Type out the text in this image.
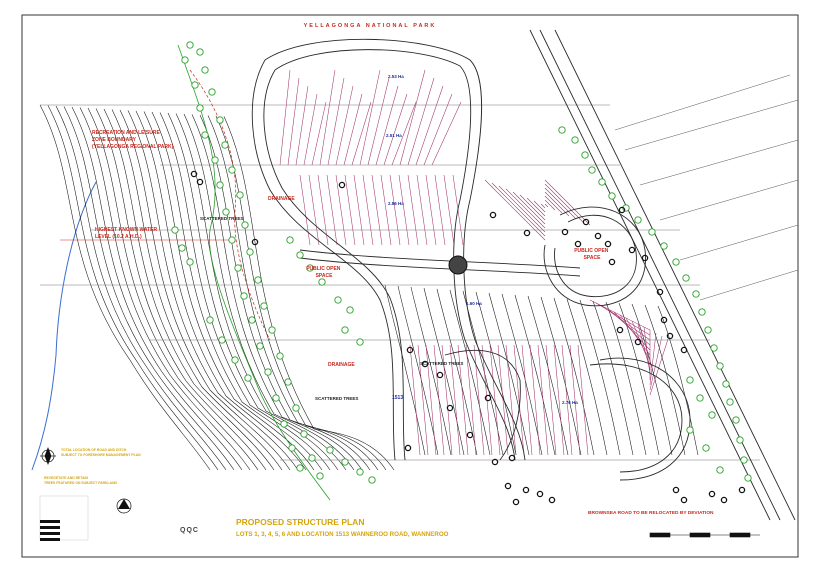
YELLAGONGA NATIONAL PARK
RECREATION AND LEISURE ZONE BOUNDARY (YELLAGONGA REGIONAL PARK)
HIGHEST KNOWN WATER LEVEL (10.2 A.H.D.)
SCATTERED TREES
SCATTERED TREES
SCATTERED TREES
DRAINAGE
DRAINAGE
PUBLIC OPEN SPACE
PUBLIC OPEN SPACE
BROWNSEA ROAD TO BE RELOCATED BY DEVIATION
2.53 Ha
2.51 Ha
2.86 Ha
1.60 Ha
2.76 Ha
1513
TOTAL LOCATION OF ROAD AND DITCH SUBJECT TO FORESHORE MANAGEMENT PLAN
REVEGETATE AND RETAIN TREES FEATURED ON SUBJECT PARKLAND
QQC
PROPOSED STRUCTURE PLAN
LOTS 1, 3, 4, 5, 6 AND LOCATION 1513 WANNEROO ROAD, WANNEROO
